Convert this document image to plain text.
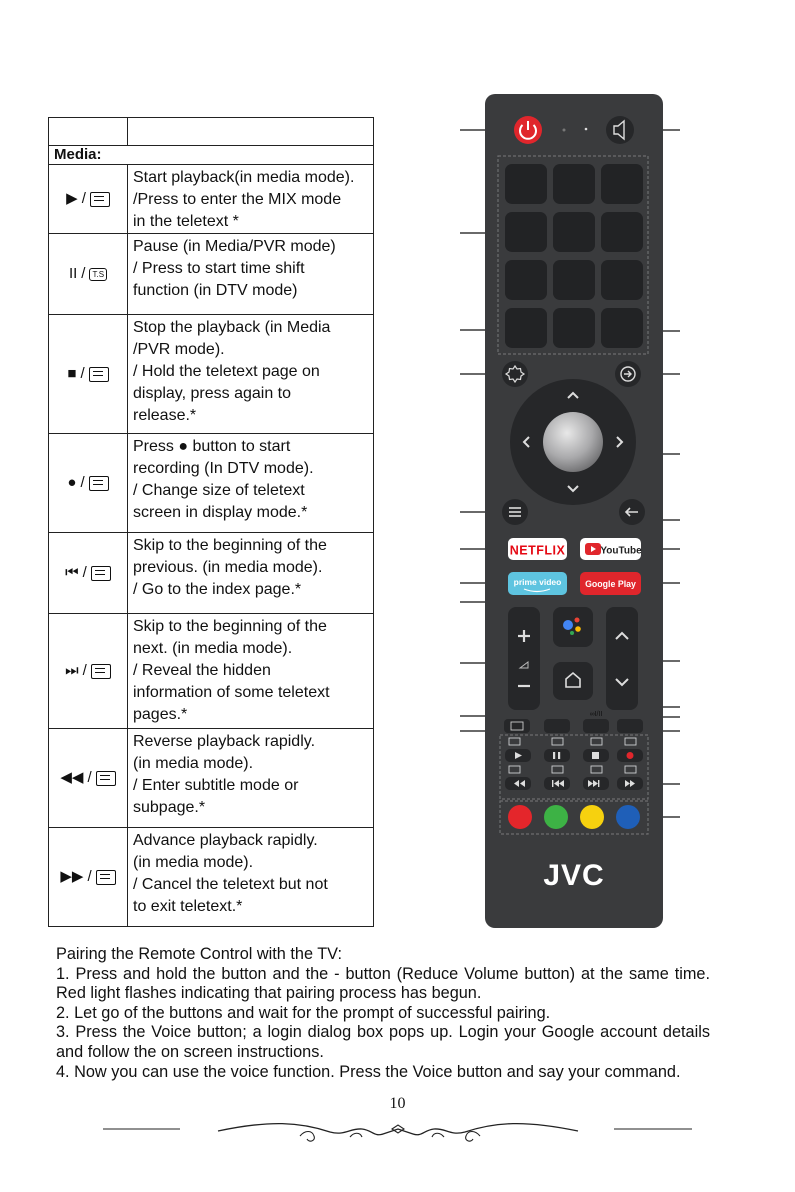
Media:	

▶ /	Start playback(in media mode).
/Press to enter the MIX mode
in the teletext *

II / T.S	Pause (in Media/PVR mode)
/ Press to start time shift
function (in DTV mode)

■ /	Stop the playback (in Media
/PVR mode).
/ Hold the teletext page on
display, press again to
release.*

● /	Press ● button to start
recording (In DTV mode).
/ Change size of teletext
screen in display mode.*

⏮ /	Skip to the beginning of the
previous. (in media mode).
/ Go to the index page.*

⏭ /	Skip to the beginning of the
next. (in media mode).
/ Reveal the hidden
information of some teletext
pages.*

◀◀ /	Reverse playback rapidly.
(in media mode).
/ Enter subtitle mode or
subpage.*

▶▶ /	Advance playback rapidly.
(in media mode).
/ Cancel the teletext but not
to exit teletext.*

Pairing the Remote Control with the TV:

1. Press and hold the button and the - button (Reduce Volume button) at the same time. Red light flashes indicating that pairing process has begun.

2. Let go of the buttons and wait for the prompt of successful pairing.

3. Press the Voice button; a login dialog box pops up. Login your Google account details and follow the on screen instructions.

4. Now you can use the voice function. Press the Voice button and say your command.

10
NETFLIX	YouTube
prime video	Google Play
∞I/II
JVC
